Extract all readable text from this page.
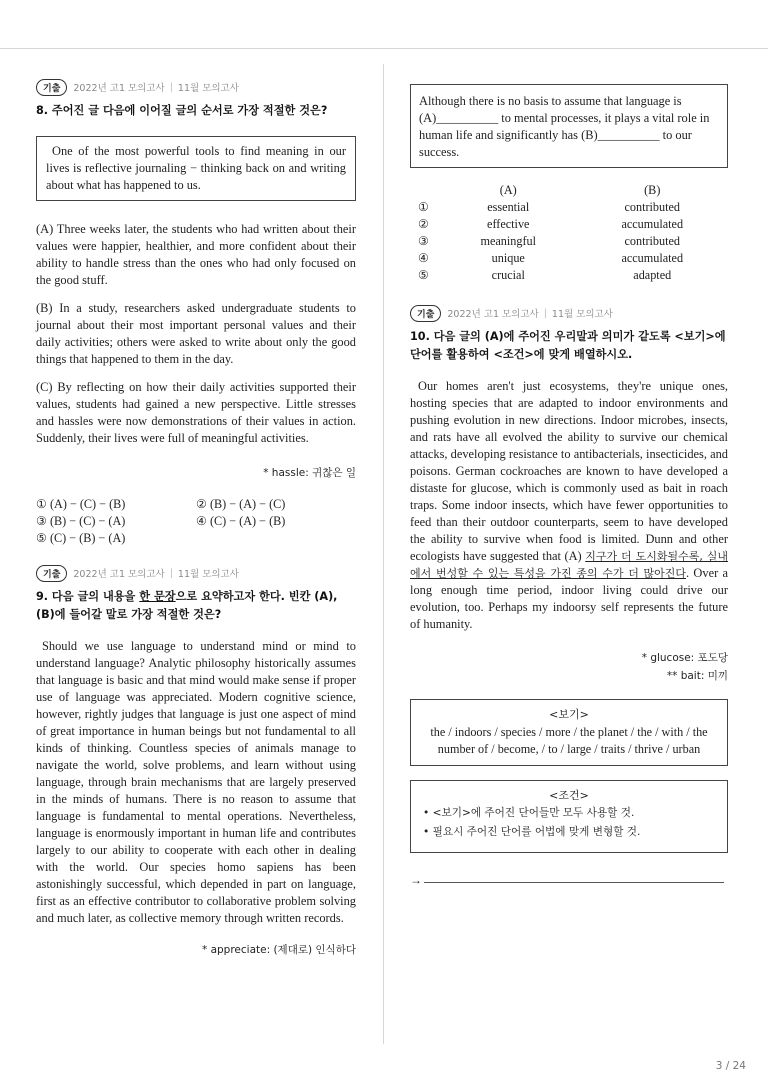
기출	2022년 고1 모의고사 | 11월 모의고사
8. 주어진 글 다음에 이어질 글의 순서로 가장 적절한 것은?

One of the most powerful tools to find meaning in our lives is reflective journaling − thinking back on and writing about what has happened to us.

(A) Three weeks later, the students who had written about their values were happier, healthier, and more confident about their ability to handle stress than the ones who had only focused on the good stuff.

(B) In a study, researchers asked undergraduate students to journal about their most important personal values and their daily activities; others were asked to write about only the good things that happened to them in the day.

(C) By reflecting on how their daily activities supported their values, students had gained a new perspective. Little stresses and hassles were now demonstrations of their values in action. Suddenly, their lives were full of meaningful activities.

* hassle: 귀찮은 일
① (A) − (C) − (B)	② (B) − (A) − (C)
③ (B) − (C) − (A)	④ (C) − (A) − (B)
⑤ (C) − (B) − (A)
기출	2022년 고1 모의고사 | 11월 모의고사
9. 다음 글의 내용을 한 문장으로 요약하고자 한다. 빈칸 (A), (B)에 들어갈 말로 가장 적절한 것은?

Should we use language to understand mind or mind to understand language? Analytic philosophy historically assumes that language is basic and that mind would make sense if proper use of language was appreciated. Modern cognitive science, however, rightly judges that language is just one aspect of mind of great importance in human beings but not fundamental to all kinds of thinking. Countless species of animals manage to navigate the world, solve problems, and learn without using language, through brain mechanisms that are largely preserved in the minds of humans. There is no reason to assume that language is fundamental to mental operations. Nevertheless, language is enormously important in human life and contributes largely to our ability to cooperate with each other in dealing with the world. Our species homo sapiens has been astonishingly successful, which depended in part on language, first as an effective contributor to collaborative problem solving and much later, as collective memory through written records.

* appreciate: (제대로) 인식하다

Although there is no basis to assume that language is (A)__________ to mental processes, it plays a vital role in human life and significantly has (B)__________ to our success.

	(A)	(B)
①	essential	contributed
②	effective	accumulated
③	meaningful	contributed
④	unique	accumulated
⑤	crucial	adapted
기출	2022년 고1 모의고사 | 11월 모의고사
10. 다음 글의 (A)에 주어진 우리말과 의미가 같도록 <보기>에 단어를 활용하여 <조건>에 맞게 배열하시오.

Our homes aren't just ecosystems, they're unique ones, hosting species that are adapted to indoor environments and pushing evolution in new directions. Indoor microbes, insects, and rats have all evolved the ability to survive our chemical attacks, developing resistance to antibacterials, insecticides, and poisons. German cockroaches are known to have developed a distaste for glucose, which is commonly used as bait in roach traps. Some indoor insects, which have fewer opportunities to feed than their outdoor counterparts, seem to have developed the ability to survive when food is limited. Dunn and other ecologists have suggested that (A) 지구가 더 도시화될수록, 실내에서 번성할 수 있는 특성을 가진 종의 수가 더 많아진다. Over a long enough time period, indoor living could drive our evolution, too. Perhaps my indoorsy self represents the future of humanity.

* glucose: 포도당
** bait: 미끼
<보기>
the / indoors / species / more / the planet / the / with / the number of / become, / to / large / traits / thrive / urban
<조건>
• <보기>에 주어진 단어들만 모두 사용할 것.
• 필요시 주어진 단어를 어법에 맞게 변형할 것.
→
3 / 24
